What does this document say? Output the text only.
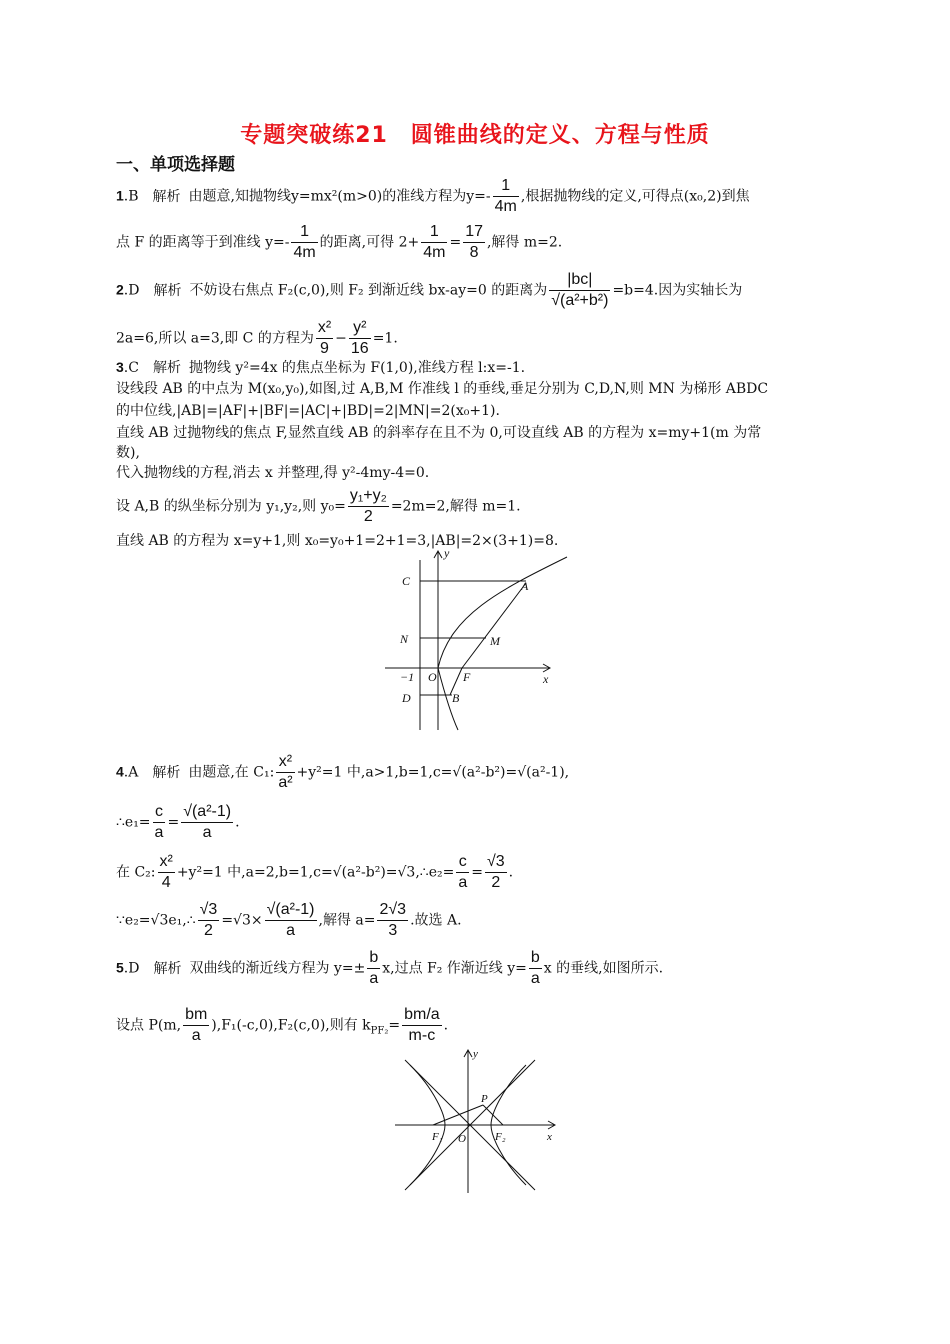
专题突破练21　圆锥曲线的定义、方程与性质
一、单项选择题
1.B 解析 由题意,知抛物线y=mx²(m>0)的准线方程为$y=- \frac{1}{4m}$ ,根据抛物线的定义,可得点(x₀,2)到焦
点 F 的距离等于到准线 $y=- \frac{1}{4m}$ 的距离,可得 $2+ \frac{1}{4m} = \frac{17}{8}$ ,解得 m=2.
2.D 解析 不妨设右焦点 F₂(c,0),则 F₂ 到渐近线 bx-ay=0 的距离为 $\frac{|bc|}{\text{√(a²+b²)}} =b=4$.因为实轴长为
2a=6,所以 a=3,即 C 的方程为 $\frac{\text{x²}}{9} - \frac{\text{y²}}{16} =1$.
3.C 解析 抛物线 y²=4x 的焦点坐标为 F(1,0),准线方程 l:x=-1.
设线段 AB 的中点为 M(x₀,y₀),如图,过 A,B,M 作准线 l 的垂线,垂足分别为 C,D,N,则 MN 为梯形 ABDC
的中位线,|AB|=|AF|+|BF|=|AC|+|BD|=2|MN|=2(x₀+1).
直线 AB 过抛物线的焦点 F,显然直线 AB 的斜率存在且不为 0,可设直线 AB 的方程为 x=my+1(m 为常
数),
代入抛物线的方程,消去 x 并整理,得 y²-4my-4=0.
设 A,B 的纵坐标分别为 y₁,y₂,则 $y_0= \frac{\text{y₁+y₂}}{2} =2m=2$,解得 m=1.
直线 AB 的方程为 x=y+1,则 x₀=y₀+1=2+1=3,|AB|=2×(3+1)=8.
y
C	A
N	M
−1 O F	x
D	B
4.A 解析 由题意,在 C₁: $\frac{\text{x²}}{\text{a²}} +y^2=1$ 中,a>1,b=1,c=√(a²-b²)=√(a²-1),
∴e₁= $\frac{c}{a} = \frac{\text{√(a²-1)}}{a}$ .
在 C₂: $\frac{\text{x²}}{4} +y^2=1$ 中,a=2,b=1,c=√(a²-b²)=√3,∴e₂= $\frac{c}{a} = \frac{√3}{2}$ .
∵e₂=√3e₁,∴ $\frac{√3}{2} =√3\times \frac{\text{√(a²-1)}}{a}$ ,解得 $a= \frac{2√3}{3}$ .故选 A.
5.D 解析 双曲线的渐近线方程为 $y=\pm \frac{b}{a} x$,过点 F₂ 作渐近线 $y= \frac{b}{a}$ x 的垂线,如图所示.
设点 P(m, $\frac{bm}{a} ),F_1(-c,0),F_2(c,0)$,则有 $k_{PF_2}= \frac{bm/a}{m-c}$ .
y
P
F₁ O	F₂	x
